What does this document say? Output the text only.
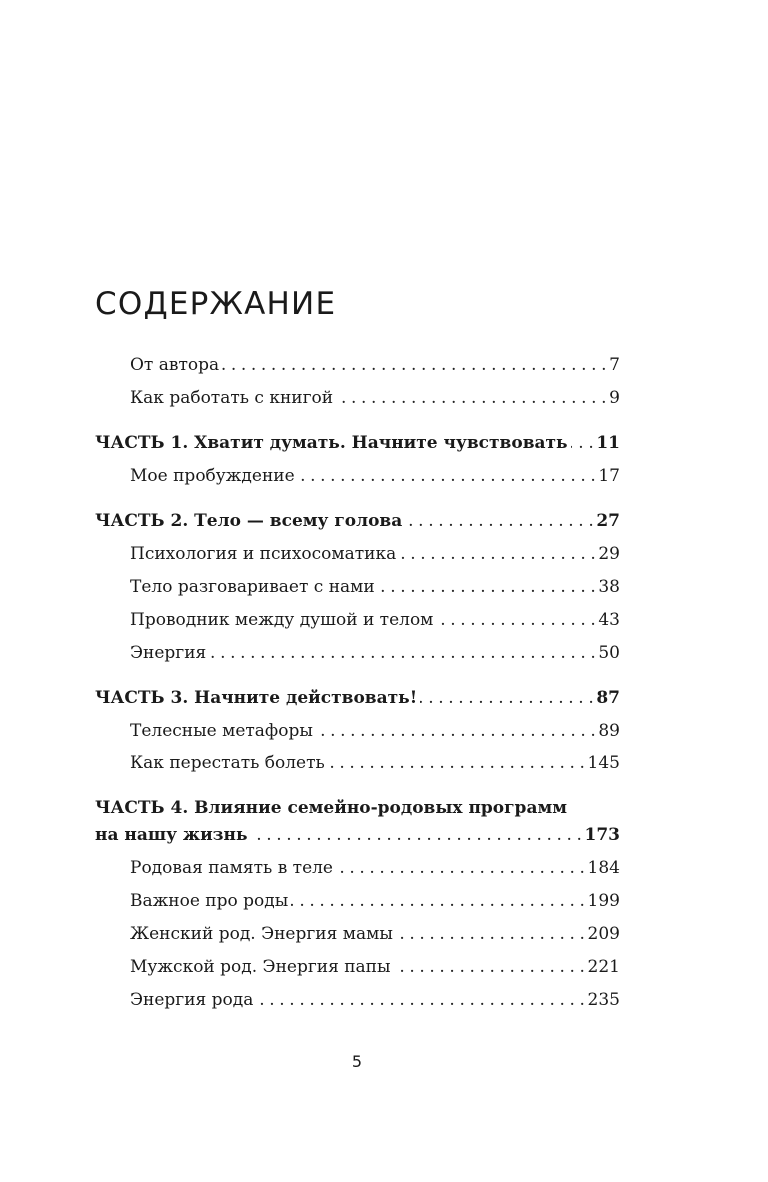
СОДЕРЖАНИЕ
От автора . . .	7
Как работать с книгой . . .	9
ЧАСТЬ 1. Хватит думать. Начните чувствовать . . . 11
Мое пробуждение . . .	17
ЧАСТЬ 2. Тело — всему голова . . .	27
Психология и психосоматика . . .	29
Тело разговаривает с нами . . .	38
Проводник между душой и телом . . .	43
Энергия . . .	50
ЧАСТЬ 3. Начните действовать! . . .	87
Телесные метафоры . . .	89
Как перестать болеть . . .	145
ЧАСТЬ 4. Влияние семейно-родовых программ
на нашу жизнь . . .	173
Родовая память в теле . . .	184
Важное про роды . . .	199
Женский род. Энергия мамы . . .	209
Мужской род. Энергия папы . . .	221
Энергия рода . . .	235
5
